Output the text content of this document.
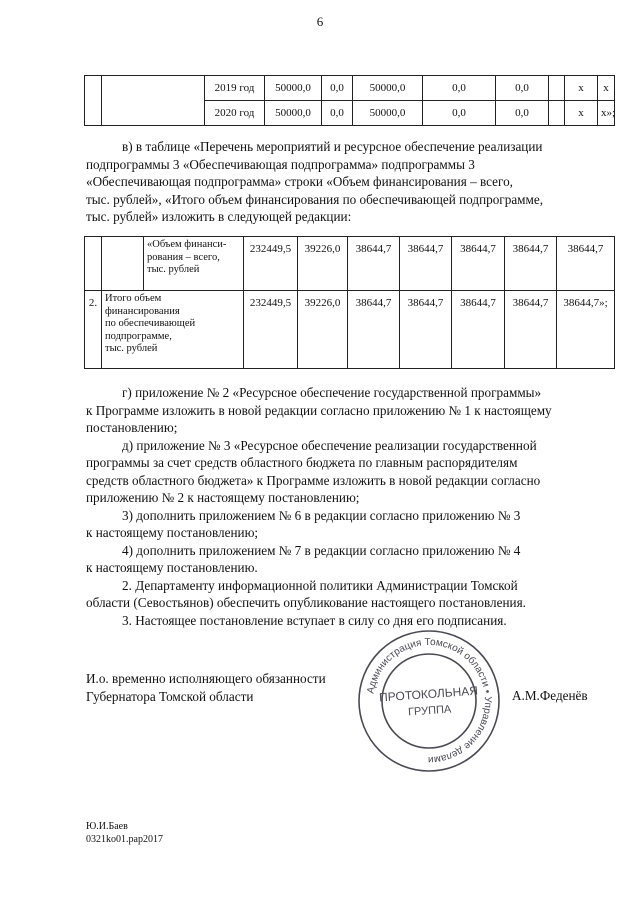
6
		2019 год	50000,0	0,0	50000,0	0,0	0,0		х	х
		2020 год	50000,0	0,0	50000,0	0,0	0,0		х	х»;
в) в таблице «Перечень мероприятий и ресурсное обеспечение реализации
подпрограммы 3 «Обеспечивающая подпрограмма» подпрограммы 3
«Обеспечивающая подпрограмма» строки «Объем финансирования – всего,
тыс. рублей», «Итого объем финансирования по обеспечивающей подпрограмме,
тыс. рублей» изложить в следующей редакции:

		«Объем финанси-
рования – всего,
тыс. рублей	232449,5	39226,0	38644,7	38644,7	38644,7	38644,7	38644,7
2.	Итого объем
финансирования
по обеспечивающей
подпрограмме,
тыс. рублей		232449,5	39226,0	38644,7	38644,7	38644,7	38644,7	38644,7»;
г) приложение № 2 «Ресурсное обеспечение государственной программы»
к Программе изложить в новой редакции согласно приложению № 1 к настоящему
постановлению;
д) приложение № 3 «Ресурсное обеспечение реализации государственной
программы за счет средств областного бюджета по главным распорядителям
средств областного бюджета» к Программе изложить в новой редакции согласно
приложению № 2 к настоящему постановлению;
3) дополнить приложением № 6 в редакции согласно приложению № 3
к настоящему постановлению;
4) дополнить приложением № 7 в редакции согласно приложению № 4
к настоящему постановлению.
2. Департаменту информационной политики Администрации Томской
области (Севостьянов) обеспечить опубликование настоящего постановления.
3. Настоящее постановление вступает в силу со дня его подписания.
И.о. временно исполняющего обязанности
Губернатора Томской области	А.М.Феденёв
Администрация Томской области • Управление делами
ПРОТОКОЛЬНАЯ
ГРУППА
Ю.И.Баев
0321ko01.pap2017
